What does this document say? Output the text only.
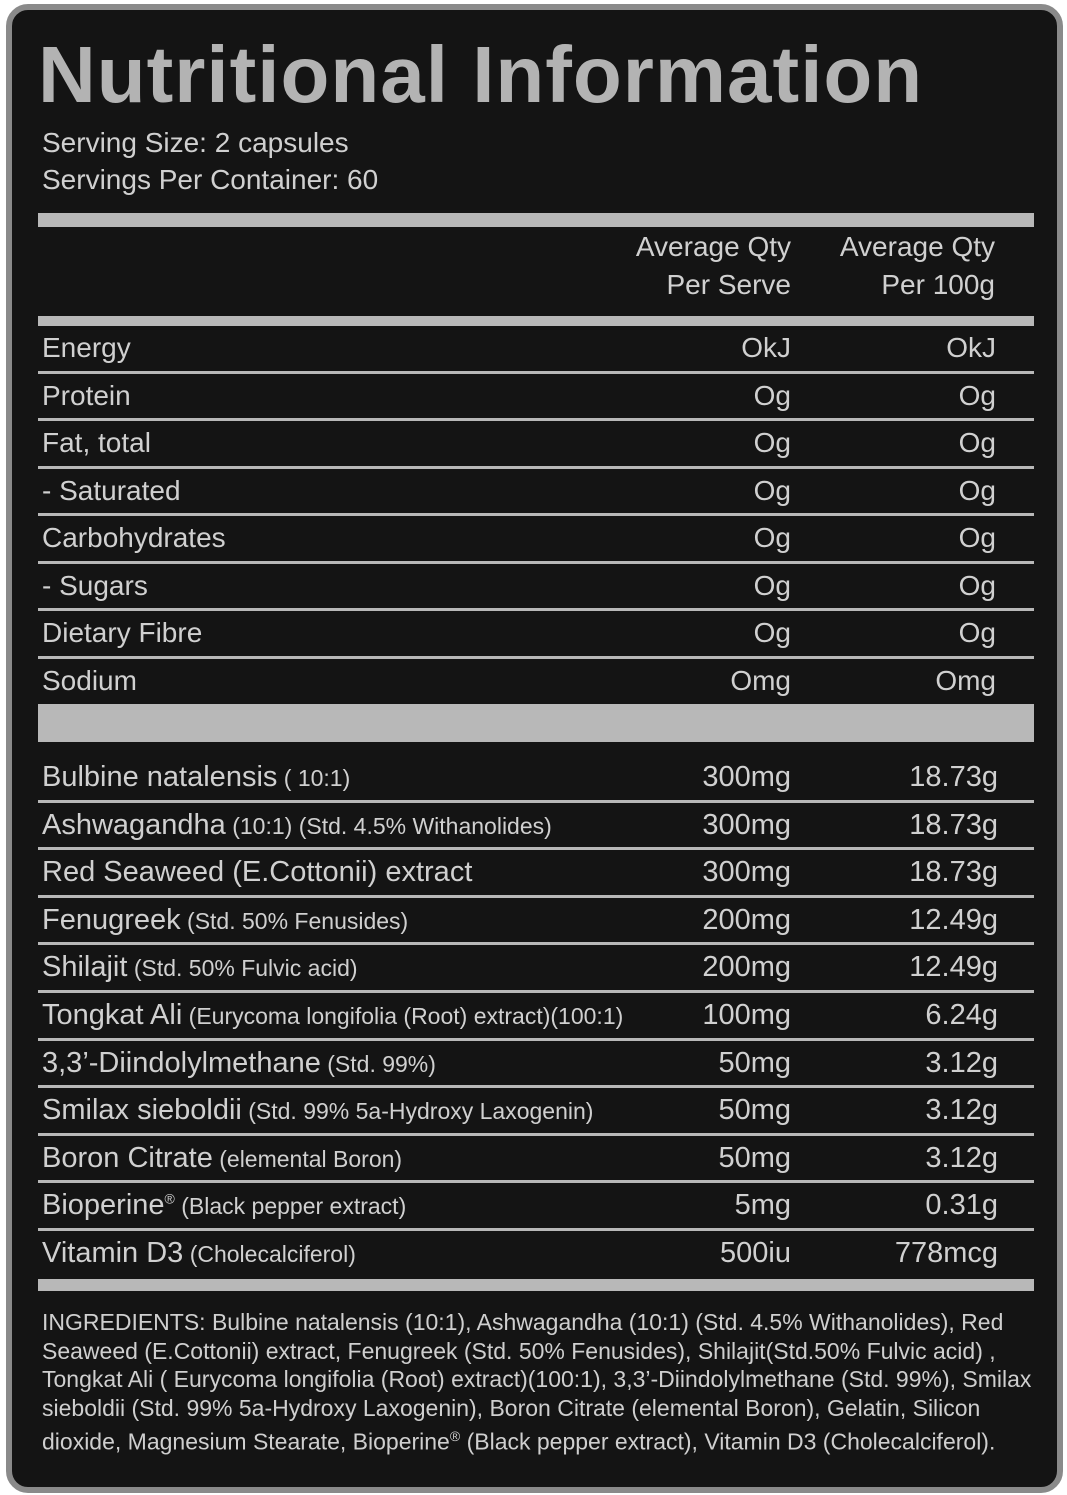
Nutritional Information
Serving Size: 2 capsules
Servings Per Container: 60
Average Qty
Per Serve
Average Qty
Per 100g
Energy	OkJ	OkJ
Protein	Og	Og
Fat, total	Og	Og
- Saturated	Og	Og
Carbohydrates	Og	Og
- Sugars	Og	Og
Dietary Fibre	Og	Og
Sodium	Omg	Omg
Bulbine natalensis ( 10:1)	300mg	18.73g
Ashwagandha (10:1) (Std. 4.5% Withanolides)	300mg	18.73g
Red Seaweed (E.Cottonii) extract	300mg	18.73g
Fenugreek (Std. 50% Fenusides)	200mg	12.49g
Shilajit (Std. 50% Fulvic acid)	200mg	12.49g
Tongkat Ali (Eurycoma longifolia (Root) extract)(100:1)	100mg	6.24g
3,3’-Diindolylmethane (Std. 99%)	50mg	3.12g
Smilax sieboldii (Std. 99% 5a-Hydroxy Laxogenin)	50mg	3.12g
Boron Citrate (elemental Boron)	50mg	3.12g
Bioperine® (Black pepper extract)	5mg	0.31g
Vitamin D3 (Cholecalciferol)	500iu	778mcg
INGREDIENTS: Bulbine natalensis (10:1), Ashwagandha (10:1) (Std. 4.5% Withanolides), Red Seaweed (E.Cottonii) extract, Fenugreek (Std. 50% Fenusides), Shilajit(Std.50% Fulvic acid) , Tongkat Ali ( Eurycoma longifolia (Root) extract)(100:1), 3,3’-Diindolylmethane (Std. 99%), Smilax sieboldii (Std. 99% 5a-Hydroxy Laxogenin), Boron Citrate (elemental Boron), Gelatin, Silicon dioxide, Magnesium Stearate, Bioperine® (Black pepper extract), Vitamin D3 (Cholecalciferol).
